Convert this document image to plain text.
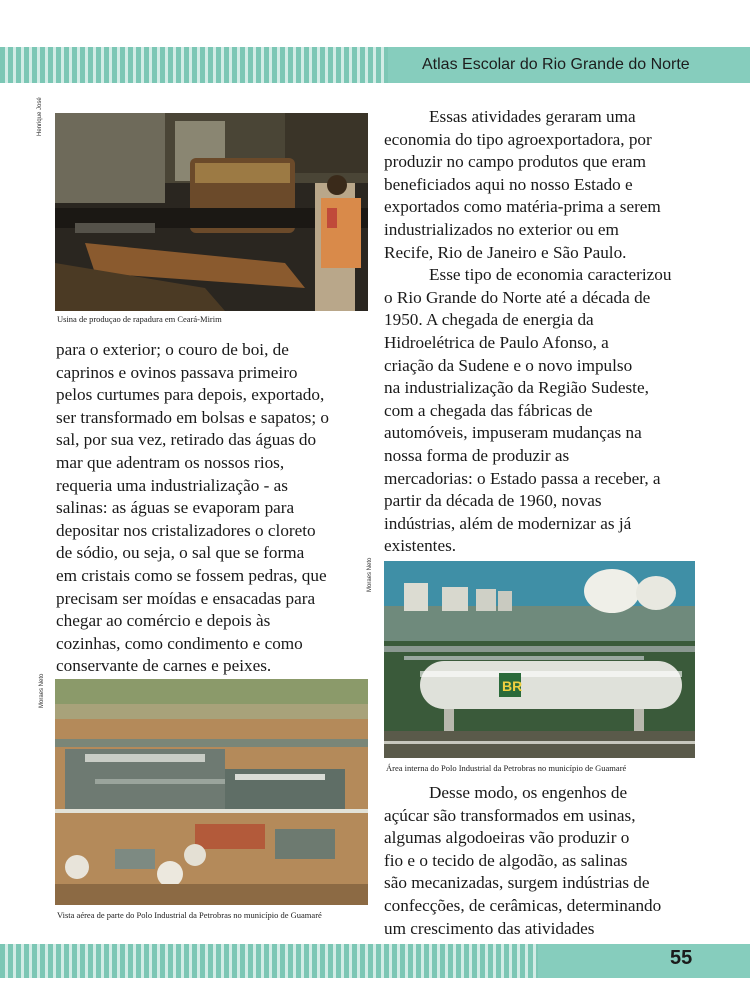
Atlas Escolar do Rio Grande do Norte
Henrique José
Usina de produçao de rapadura em Ceará-Mirim

para o exterior; o couro de boi, de

caprinos e ovinos passava primeiro

pelos curtumes para depois, exportado,

ser transformado em bolsas e sapatos; o

sal, por sua vez, retirado das águas do

mar que adentram os nossos rios,

requeria uma industrialização - as

salinas: as águas se evaporam para

depositar nos cristalizadores o cloreto

de sódio, ou seja, o sal que se forma

em cristais como se fossem pedras, que

precisam ser moídas e ensacadas para

chegar ao comércio e depois às

cozinhas, como condimento e como

conservante de carnes e peixes.

Moraes Neto
Vista aérea de parte do Polo Industrial da Petrobras no município de Guamaré

Essas atividades geraram uma

economia do tipo agroexportadora, por

produzir no campo produtos que eram

beneficiados aqui no nosso Estado e

exportados como matéria-prima a serem

industrializados no exterior ou em

Recife, Rio de Janeiro e São Paulo.

Esse tipo de economia caracterizou

o Rio Grande do Norte até a década de

1950. A chegada de energia da

Hidroelétrica de Paulo Afonso, a

criação da Sudene e o novo impulso

na industrialização da Região Sudeste,

com a chegada das fábricas de

automóveis, impuseram mudanças na

nossa forma de produzir as

mercadorias: o Estado passa a receber, a

partir da década de 1960, novas

indústrias, além de modernizar as já

existentes.

Moraes Neto
BR
Área interna do Polo Industrial da Petrobras no município de Guamaré

Desse modo, os engenhos de

açúcar são transformados em usinas,

algumas algodoeiras vão produzir o

fio e o tecido de algodão, as salinas

são mecanizadas, surgem indústrias de

confecções, de cerâmicas, determinando

um crescimento das atividades

55
